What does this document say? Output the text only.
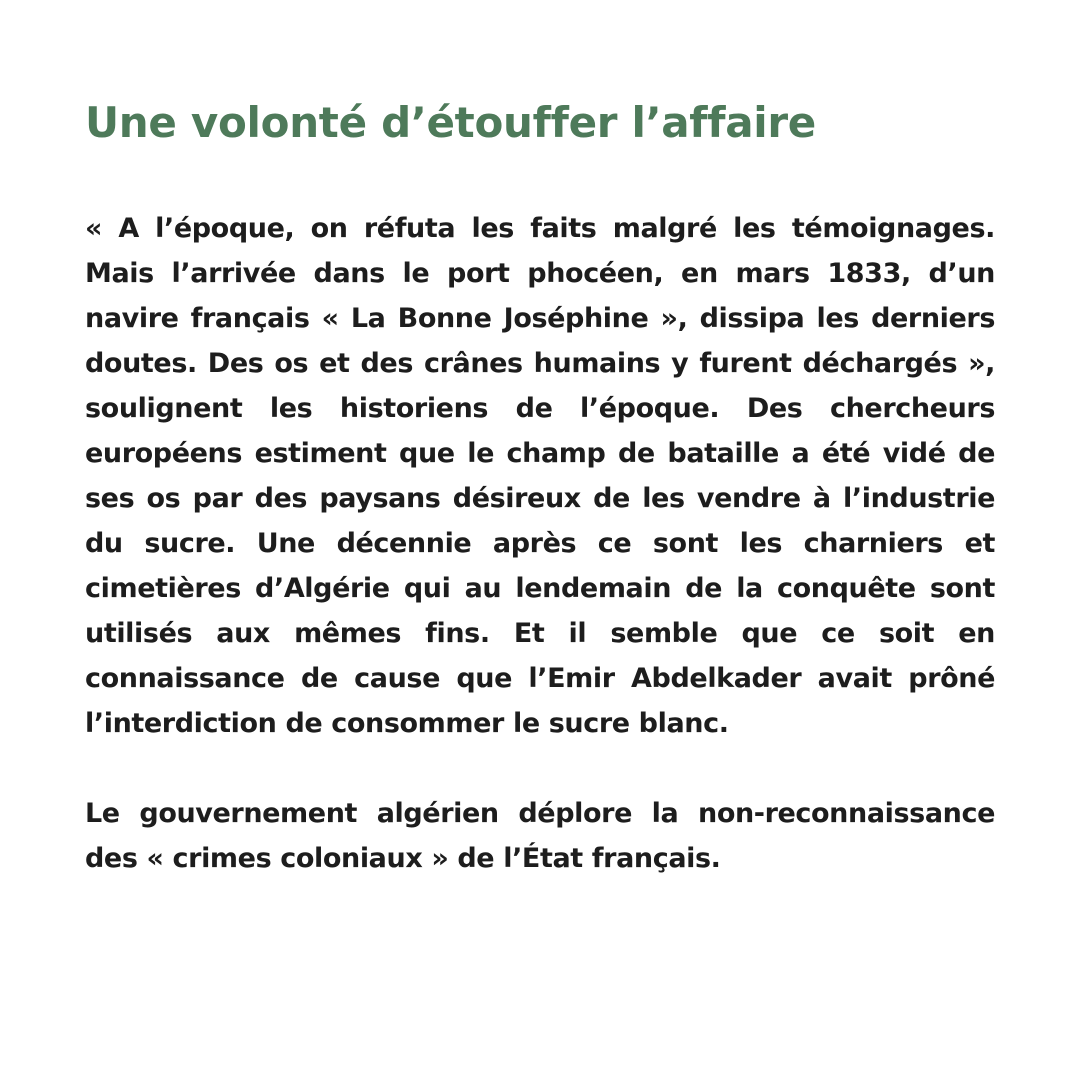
Une volonté d’étouffer l’affaire

« A l’époque, on réfuta les faits malgré les témoignages. Mais l’arrivée dans le port phocéen, en mars 1833, d’un navire français « La Bonne Joséphine », dissipa les derniers doutes. Des os et des crânes humains y furent déchargés », soulignent les historiens de l’époque. Des chercheurs européens estiment que le champ de bataille a été vidé de ses os par des paysans désireux de les vendre à l’industrie du sucre. Une décennie après ce sont les charniers et cimetières d’Algérie qui au lendemain de la conquête sont utilisés aux mêmes fins. Et il semble que ce soit en connaissance de cause que l’Emir Abdelkader avait prôné l’interdiction de consommer le sucre blanc.

Le gouvernement algérien déplore la non-reconnaissance des « crimes coloniaux » de l’État français.
